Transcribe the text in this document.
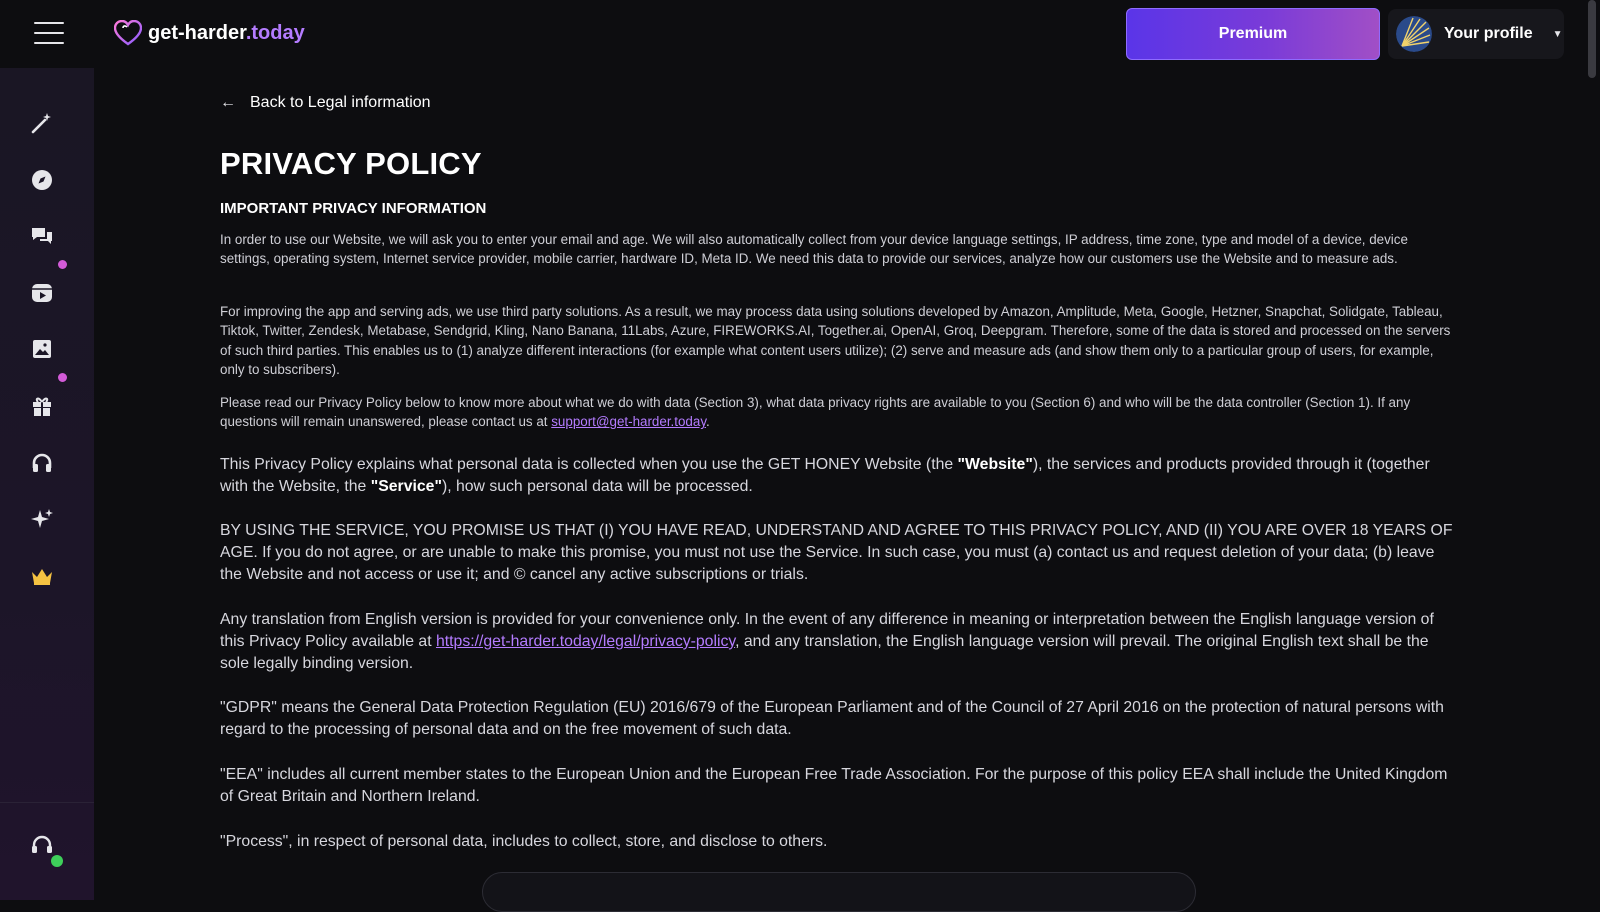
get-harder.today	Premium	Your profile ▼
← Back to Legal information
PRIVACY POLICY
IMPORTANT PRIVACY INFORMATION

In order to use our Website, we will ask you to enter your email and age. We will also automatically collect from your device language settings, IP address, time zone, type and model of a device, device settings, operating system, Internet service provider, mobile carrier, hardware ID, Meta ID. We need this data to provide our services, analyze how our customers use the Website and to measure ads.

For improving the app and serving ads, we use third party solutions. As a result, we may process data using solutions developed by Amazon, Amplitude, Meta, Google, Hetzner, Snapchat, Solidgate, Tableau, Tiktok, Twitter, Zendesk, Metabase, Sendgrid, Kling, Nano Banana, 11Labs, Azure, FIREWORKS.AI, Together.ai, OpenAI, Groq, Deepgram. Therefore, some of the data is stored and processed on the servers of such third parties. This enables us to (1) analyze different interactions (for example what content users utilize); (2) serve and measure ads (and show them only to a particular group of users, for example, only to subscribers).

Please read our Privacy Policy below to know more about what we do with data (Section 3), what data privacy rights are available to you (Section 6) and who will be the data controller (Section 1). If any questions will remain unanswered, please contact us at support@get-harder.today.

This Privacy Policy explains what personal data is collected when you use the GET HONEY Website (the "Website"), the services and products provided through it (together with the Website, the "Service"), how such personal data will be processed.

BY USING THE SERVICE, YOU PROMISE US THAT (I) YOU HAVE READ, UNDERSTAND AND AGREE TO THIS PRIVACY POLICY, AND (II) YOU ARE OVER 18 YEARS OF AGE. If you do not agree, or are unable to make this promise, you must not use the Service. In such case, you must (a) contact us and request deletion of your data; (b) leave the Website and not access or use it; and © cancel any active subscriptions or trials.

Any translation from English version is provided for your convenience only. In the event of any difference in meaning or interpretation between the English language version of this Privacy Policy available at https://get-harder.today/legal/privacy-policy, and any translation, the English language version will prevail. The original English text shall be the sole legally binding version.

"GDPR" means the General Data Protection Regulation (EU) 2016/679 of the European Parliament and of the Council of 27 April 2016 on the protection of natural persons with regard to the processing of personal data and on the free movement of such data.

"EEA" includes all current member states to the European Union and the European Free Trade Association. For the purpose of this policy EEA shall include the United Kingdom of Great Britain and Northern Ireland.

"Process", in respect of personal data, includes to collect, store, and disclose to others.
